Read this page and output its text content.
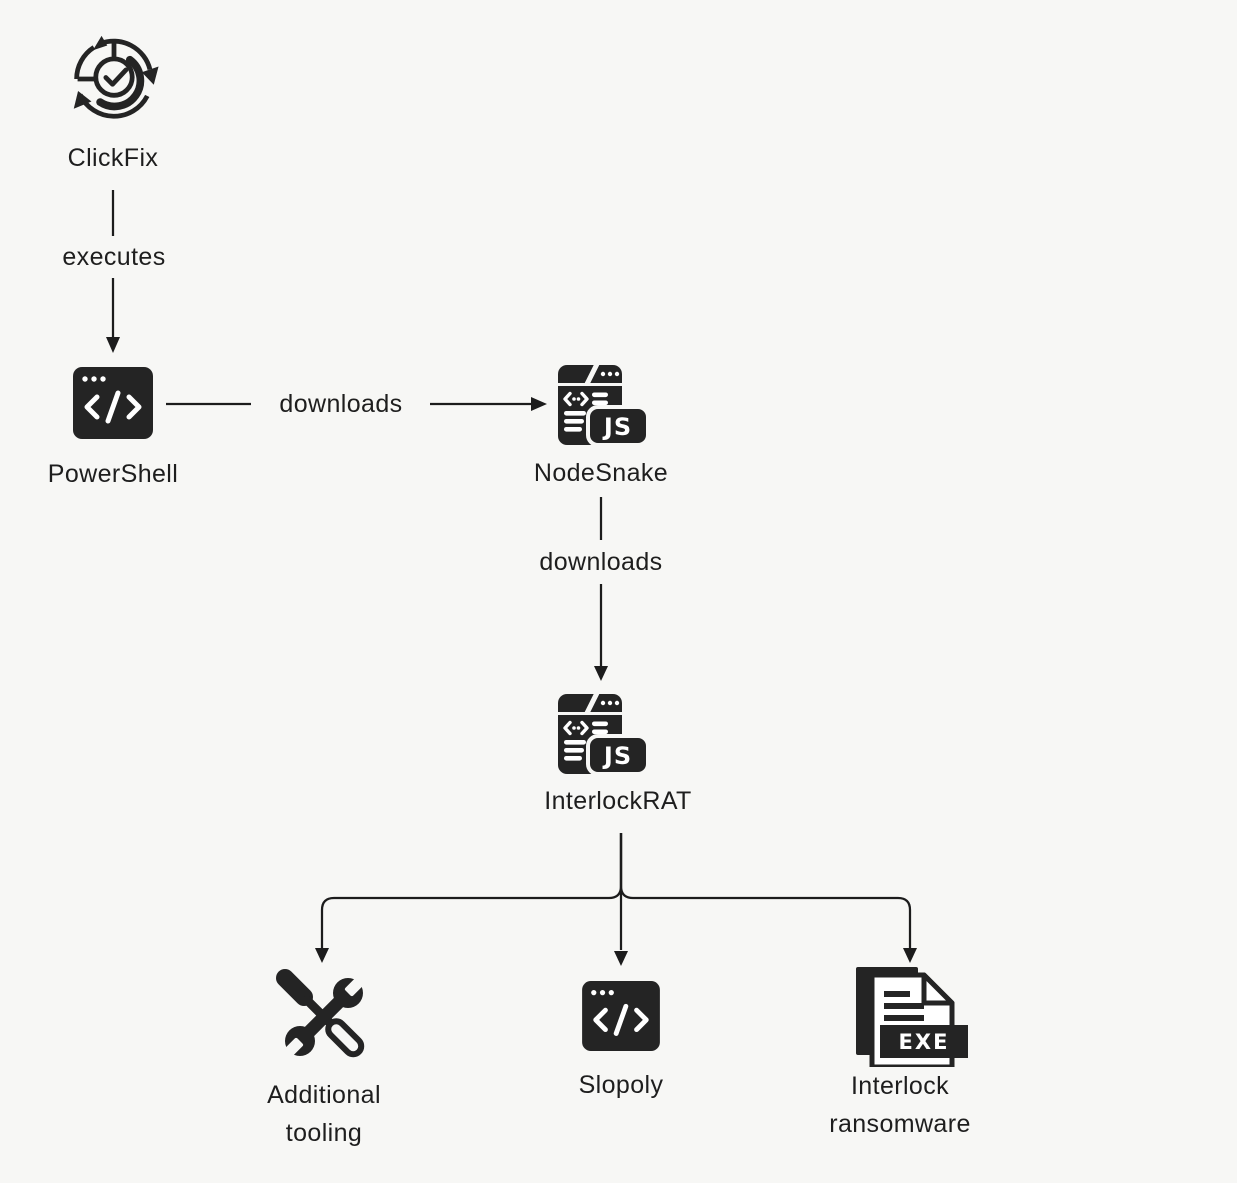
executes
downloads
downloads
ClickFix
PowerShell
JS
NodeSnake
JS
InterlockRAT
Additional
tooling
Slopoly
EXE
Interlock
ransomware
